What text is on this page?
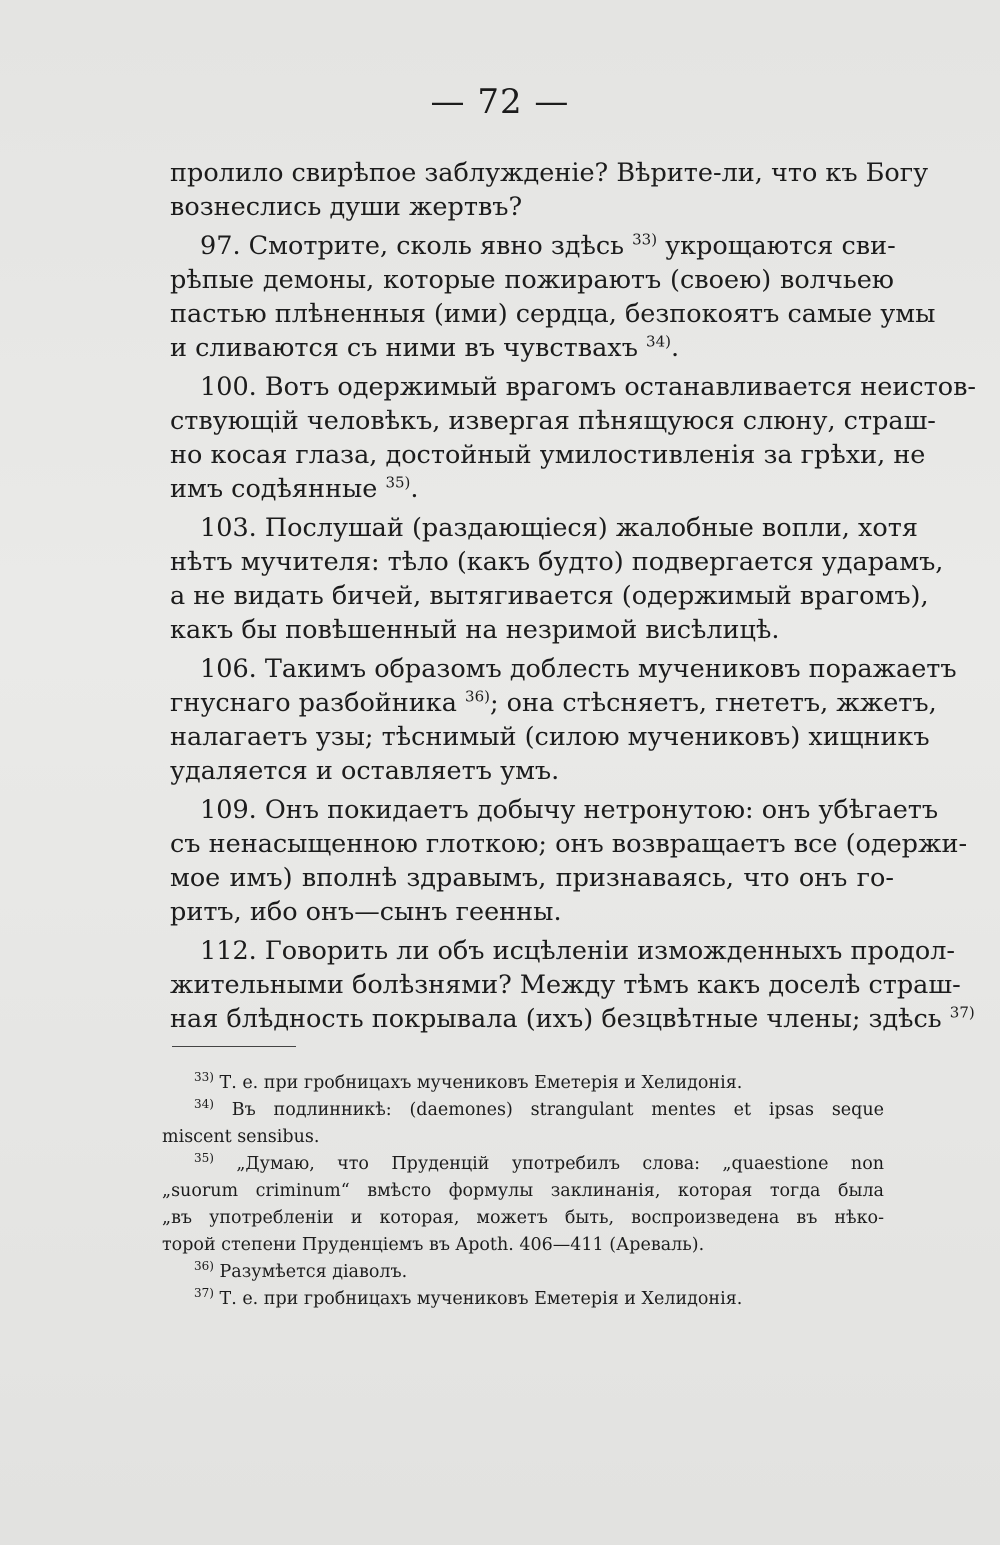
— 72 —
пролило свирѣпое заблужденіе? Вѣрите-ли, что къ Богу
вознеслись души жертвъ?
97. Смотрите, сколь явно здѣсь $^{33)}$ укрощаются сви-
рѣпые демоны, которые пожираютъ (своею) волчьею
пастью плѣненныя (ими) сердца, безпокоятъ самые умы
и сливаются съ ними въ чувствахъ $^{34)}$.
100. Вотъ одержимый врагомъ останавливается неистов-
ствующій человѣкъ, извергая пѣнящуюся слюну, страш-
но косая глаза, достойный умилостивленія за грѣхи, не
имъ содѣянные $^{35)}$.
103. Послушай (раздающіеся) жалобные вопли, хотя
нѣтъ мучителя: тѣло (какъ будто) подвергается ударамъ,
а не видать бичей, вытягивается (одержимый врагомъ),
какъ бы повѣшенный на незримой висѣлицѣ.
106. Такимъ образомъ доблесть мучениковъ поражаетъ
гнуснаго разбойника $^{36)}$; она стѣсняетъ, гнететъ, жжетъ,
налагаетъ узы; тѣснимый (силою мучениковъ) хищникъ
удаляется и оставляетъ умъ.
109. Онъ покидаетъ добычу нетронутою: онъ убѣгаетъ
съ ненасыщенною глоткою; онъ возвращаетъ все (одержи-
мое имъ) вполнѣ здравымъ, признаваясь, что онъ го-
ритъ, ибо онъ—сынъ геенны.
112. Говорить ли объ исцѣленіи изможденныхъ продол-
жительными болѣзнями? Между тѣмъ какъ доселѣ страш-
ная блѣдность покрывала (ихъ) безцвѣтные члены; здѣсь $^{37)}$
$^{33)}$ Т. е. при гробницахъ мучениковъ Еметерія и Хелидонія.
$^{34)}$ Въ подлинникѣ: (daemones) strangulant mentes et ipsas seque
miscent sensibus.
$^{35)}$ „Думаю, что Пруденцій употребилъ слова: „quaestione non
„suorum criminum“ вмѣсто формулы заклинанія, которая тогда была
„въ употребленіи и которая, можетъ быть, воспроизведена въ нѣко-
торой степени Пруденціемъ въ Apoth. 406—411 (Ареваль).
$^{36)}$ Разумѣется діаволъ.
$^{37)}$ Т. е. при гробницахъ мучениковъ Еметерія и Хелидонія.
